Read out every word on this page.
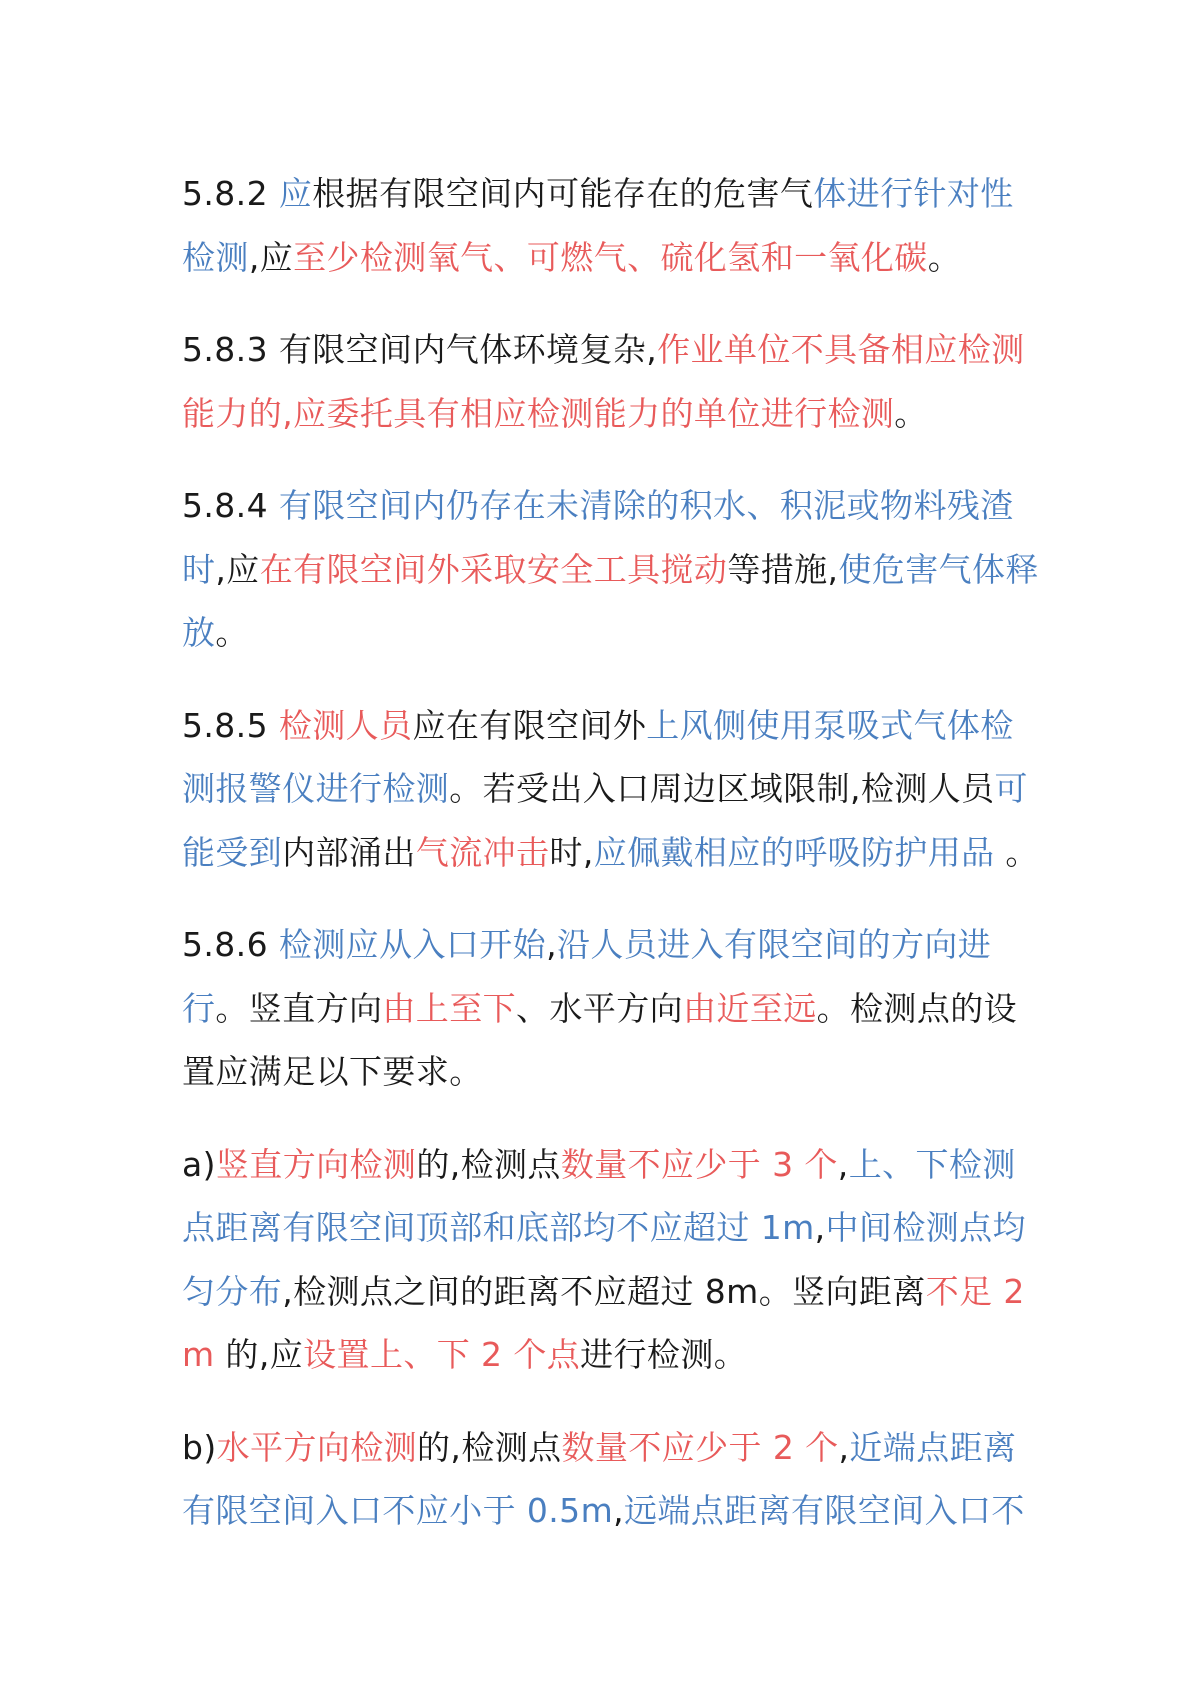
5.8.2 应根据有限空间内可能存在的危害气体进行针对性检测,应至少检测氧气、可燃气、硫化氢和一氧化碳。

5.8.3 有限空间内气体环境复杂,作业单位不具备相应检测能力的,应委托具有相应检测能力的单位进行检测。

5.8.4 有限空间内仍存在未清除的积水、积泥或物料残渣时,应在有限空间外采取安全工具搅动等措施,使危害气体释放。

5.8.5 检测人员应在有限空间外上风侧使用泵吸式气体检测报警仪进行检测。若受出入口周边区域限制,检测人员可能受到内部涌出气流冲击时,应佩戴相应的呼吸防护用品 。

5.8.6 检测应从入口开始,沿人员进入有限空间的方向进行。竖直方向由上至下、水平方向由近至远。检测点的设置应满足以下要求。

a)竖直方向检测的,检测点数量不应少于 3 个,上、下检测点距离有限空间顶部和底部均不应超过 1m,中间检测点均匀分布,检测点之间的距离不应超过 8m。竖向距离不足 2m 的,应设置上、下 2 个点进行检测。

b)水平方向检测的,检测点数量不应少于 2 个,近端点距离有限空间入口不应小于 0.5m,远端点距离有限空间入口不
